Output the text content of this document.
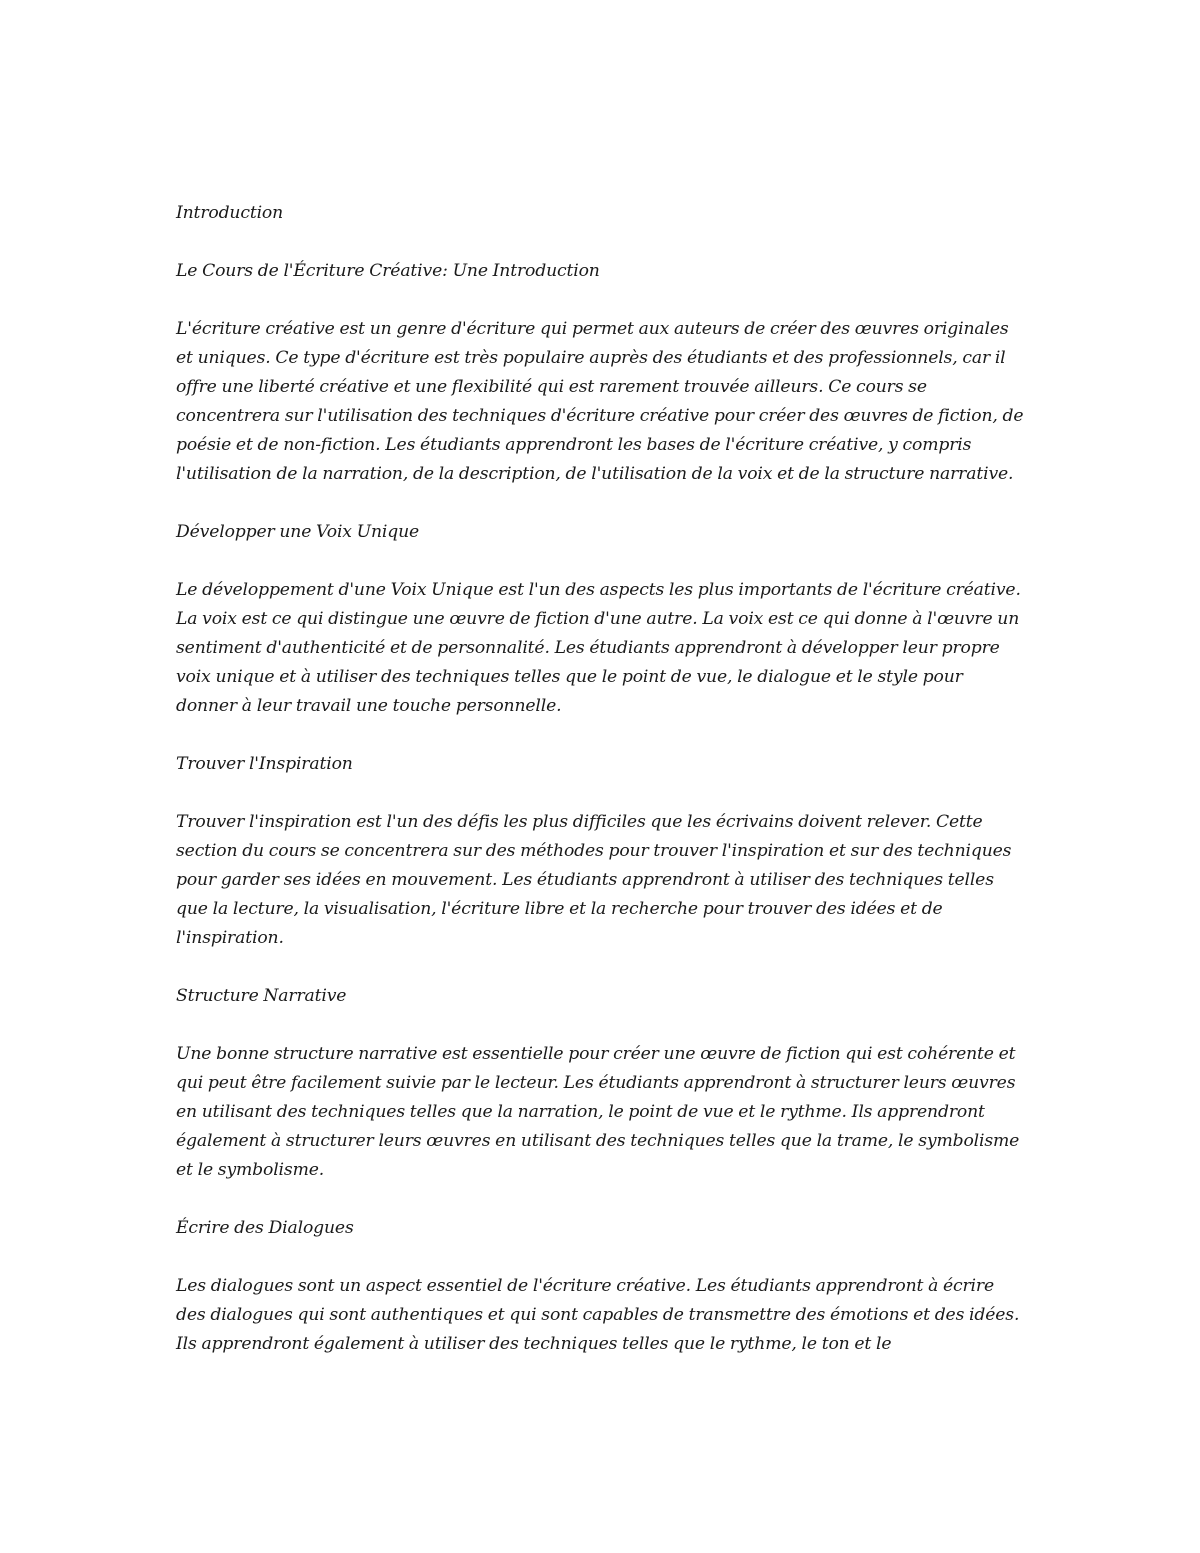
Introduction

Le Cours de l'Écriture Créative: Une Introduction

L'écriture créative est un genre d'écriture qui permet aux auteurs de créer des œuvres originales et uniques. Ce type d'écriture est très populaire auprès des étudiants et des professionnels, car il offre une liberté créative et une flexibilité qui est rarement trouvée ailleurs. Ce cours se concentrera sur l'utilisation des techniques d'écriture créative pour créer des œuvres de fiction, de poésie et de non-fiction. Les étudiants apprendront les bases de l'écriture créative, y compris l'utilisation de la narration, de la description, de l'utilisation de la voix et de la structure narrative.

Développer une Voix Unique

Le développement d'une Voix Unique est l'un des aspects les plus importants de l'écriture créative. La voix est ce qui distingue une œuvre de fiction d'une autre. La voix est ce qui donne à l'œuvre un sentiment d'authenticité et de personnalité. Les étudiants apprendront à développer leur propre voix unique et à utiliser des techniques telles que le point de vue, le dialogue et le style pour donner à leur travail une touche personnelle.

Trouver l'Inspiration

Trouver l'inspiration est l'un des défis les plus difficiles que les écrivains doivent relever. Cette section du cours se concentrera sur des méthodes pour trouver l'inspiration et sur des techniques pour garder ses idées en mouvement. Les étudiants apprendront à utiliser des techniques telles que la lecture, la visualisation, l'écriture libre et la recherche pour trouver des idées et de l'inspiration.

Structure Narrative

Une bonne structure narrative est essentielle pour créer une œuvre de fiction qui est cohérente et qui peut être facilement suivie par le lecteur. Les étudiants apprendront à structurer leurs œuvres en utilisant des techniques telles que la narration, le point de vue et le rythme. Ils apprendront également à structurer leurs œuvres en utilisant des techniques telles que la trame, le symbolisme et le symbolisme.

Écrire des Dialogues

Les dialogues sont un aspect essentiel de l'écriture créative. Les étudiants apprendront à écrire des dialogues qui sont authentiques et qui sont capables de transmettre des émotions et des idées. Ils apprendront également à utiliser des techniques telles que le rythme, le ton et le
